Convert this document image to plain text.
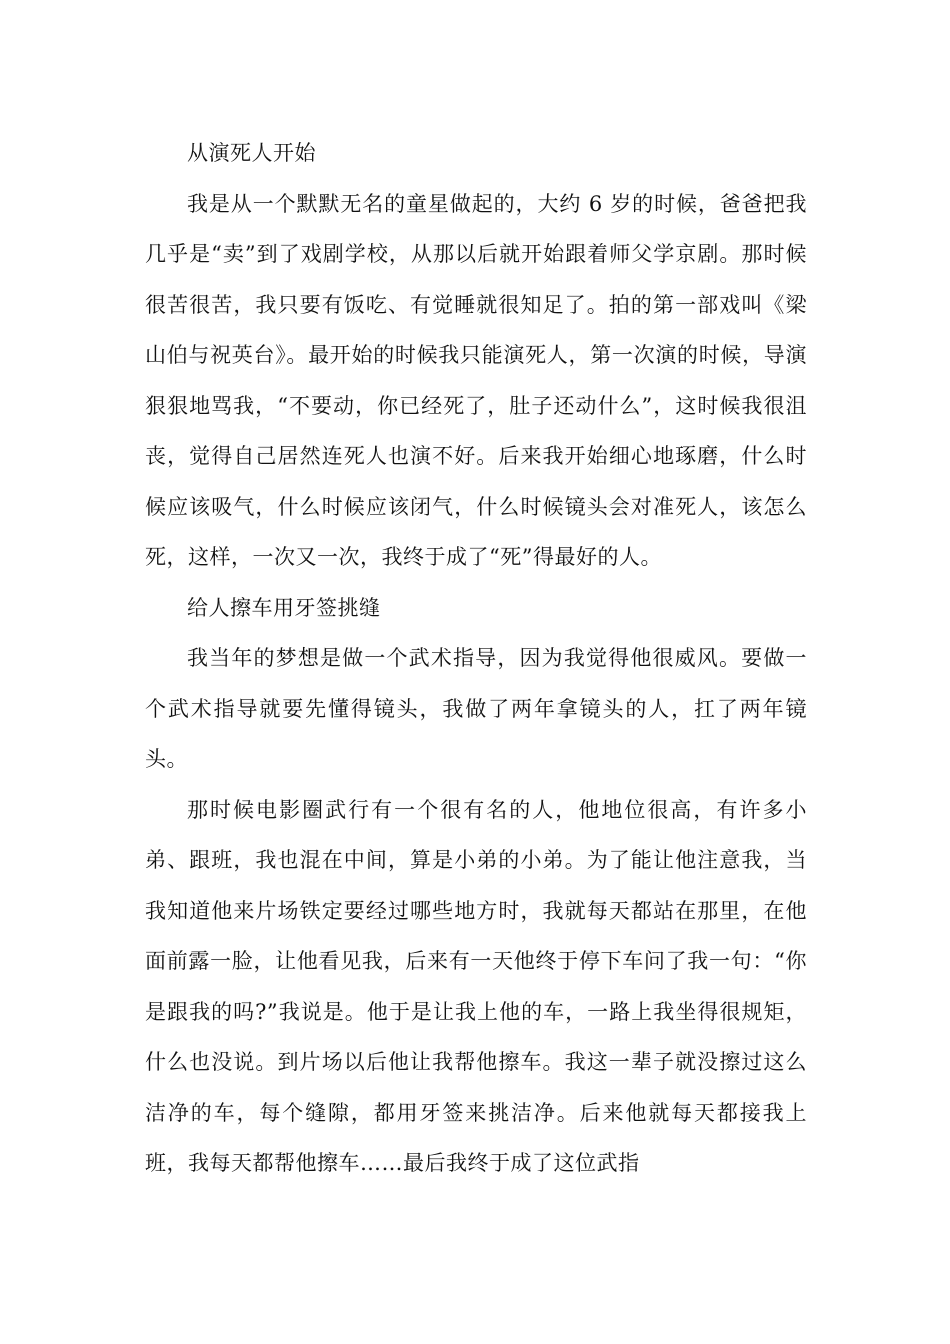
从演死人开始

我是从一个默默无名的童星做起的，大约 6 岁的时候，爸爸把我几乎是“卖”到了戏剧学校，从那以后就开始跟着师父学京剧。那时候很苦很苦，我只要有饭吃、有觉睡就很知足了。拍的第一部戏叫《梁山伯与祝英台》。最开始的时候我只能演死人，第一次演的时候，导演狠狠地骂我，“不要动，你已经死了，肚子还动什么”，这时候我很沮丧，觉得自己居然连死人也演不好。后来我开始细心地琢磨，什么时候应该吸气，什么时候应该闭气，什么时候镜头会对准死人，该怎么死，这样，一次又一次，我终于成了“死”得最好的人。

给人擦车用牙签挑缝

我当年的梦想是做一个武术指导，因为我觉得他很威风。要做一个武术指导就要先懂得镜头，我做了两年拿镜头的人，扛了两年镜头。

那时候电影圈武行有一个很有名的人，他地位很高，有许多小弟、跟班，我也混在中间，算是小弟的小弟。为了能让他注意我，当我知道他来片场铁定要经过哪些地方时，我就每天都站在那里，在他面前露一脸，让他看见我，后来有一天他终于停下车问了我一句：“你是跟我的吗?”我说是。他于是让我上他的车，一路上我坐得很规矩，什么也没说。到片场以后他让我帮他擦车。我这一辈子就没擦过这么洁净的车，每个缝隙，都用牙签来挑洁净。后来他就每天都接我上班，我每天都帮他擦车……最后我终于成了这位武指
